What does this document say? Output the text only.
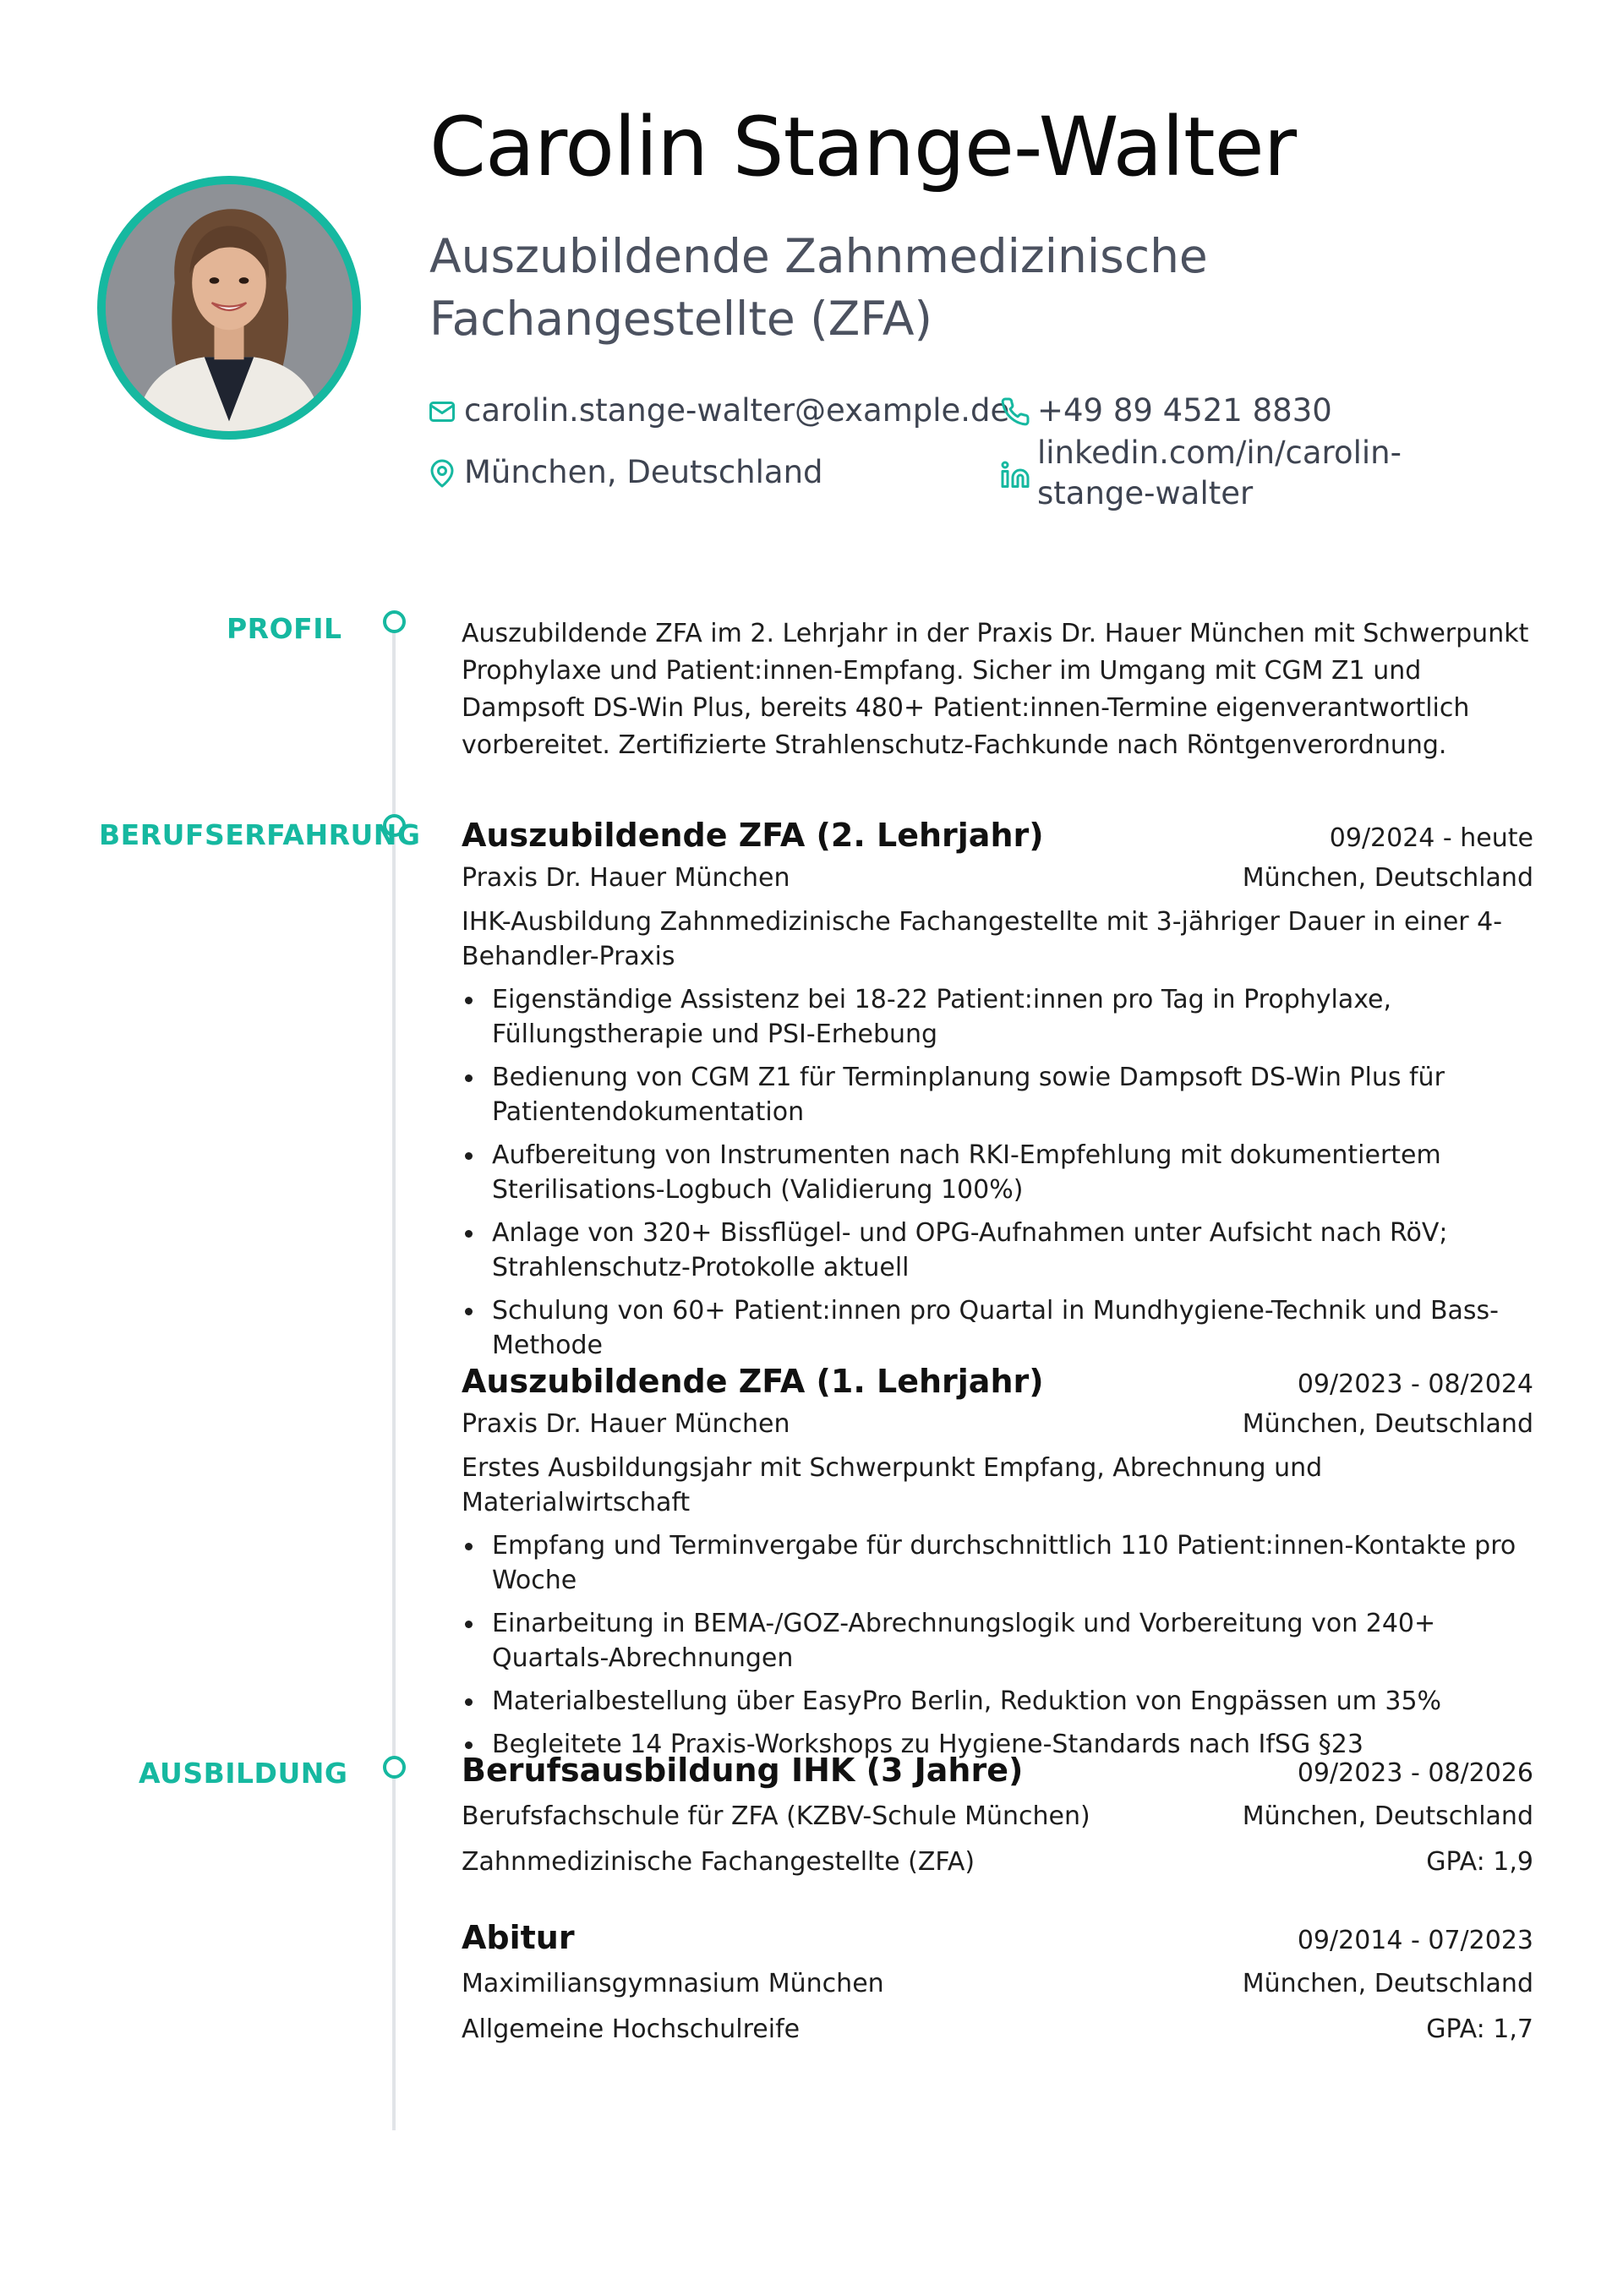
Carolin Stange-Walter
Auszubildende Zahnmedizinische Fachangestellte (ZFA)
carolin.stange-walter@example.de +49 89 4521 8830
München, Deutschland
linkedin.com/in/carolin-stange-walter
PROFIL
BERUFSERFAHRUNG
AUSBILDUNG

Auszubildende ZFA im 2. Lehrjahr in der Praxis Dr. Hauer München mit Schwerpunkt Prophylaxe und Patient:innen-Empfang. Sicher im Umgang mit CGM Z1 und Dampsoft DS-Win Plus, bereits 480+ Patient:innen-Termine eigenverantwortlich vorbereitet. Zertifizierte Strahlenschutz-Fachkunde nach Röntgenverordnung.

Auszubildende ZFA (2. Lehrjahr)	09/2024 - heute
Praxis Dr. Hauer München	München, Deutschland

IHK-Ausbildung Zahnmedizinische Fachangestellte mit 3-jähriger Dauer in einer 4-Behandler-Praxis

Eigenständige Assistenz bei 18-22 Patient:innen pro Tag in Prophylaxe, Füllungstherapie und PSI-Erhebung
Bedienung von CGM Z1 für Terminplanung sowie Dampsoft DS-Win Plus für Patientendokumentation
Aufbereitung von Instrumenten nach RKI-Empfehlung mit dokumentiertem Sterilisations-Logbuch (Validierung 100%)
Anlage von 320+ Bissflügel- und OPG-Aufnahmen unter Aufsicht nach RöV; Strahlenschutz-Protokolle aktuell
Schulung von 60+ Patient:innen pro Quartal in Mundhygiene-Technik und Bass-Methode
Auszubildende ZFA (1. Lehrjahr)	09/2023 - 08/2024
Praxis Dr. Hauer München	München, Deutschland

Erstes Ausbildungsjahr mit Schwerpunkt Empfang, Abrechnung und Materialwirtschaft

Empfang und Terminvergabe für durchschnittlich 110 Patient:innen-Kontakte pro Woche
Einarbeitung in BEMA-/GOZ-Abrechnungslogik und Vorbereitung von 240+ Quartals-Abrechnungen
Materialbestellung über EasyPro Berlin, Reduktion von Engpässen um 35%
Begleitete 14 Praxis-Workshops zu Hygiene-Standards nach IfSG §23
Berufsausbildung IHK (3 Jahre)	09/2023 - 08/2026
Berufsfachschule für ZFA (KZBV-Schule München)	München, Deutschland
Zahnmedizinische Fachangestellte (ZFA)	GPA: 1,9
Abitur	09/2014 - 07/2023
Maximiliansgymnasium München	München, Deutschland
Allgemeine Hochschulreife	GPA: 1,7
